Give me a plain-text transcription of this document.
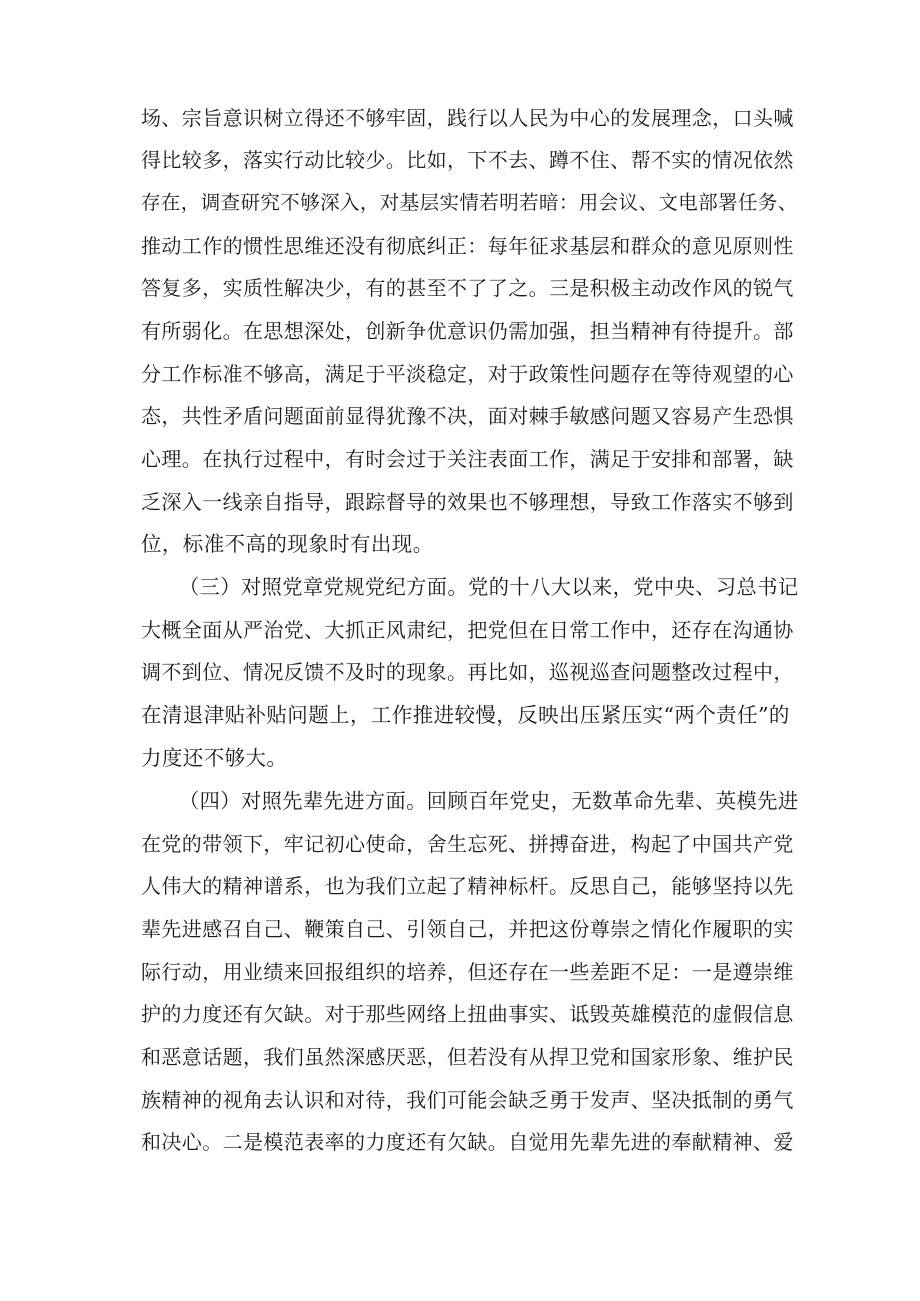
场、宗旨意识树立得还不够牢固，践行以人民为中心的发展理念，口头喊
得比较多，落实行动比较少。比如，下不去、蹲不住、帮不实的情况依然
存在，调查研究不够深入，对基层实情若明若暗：用会议、文电部署任务、
推动工作的惯性思维还没有彻底纠正：每年征求基层和群众的意见原则性
答复多，实质性解决少，有的甚至不了了之。三是积极主动改作风的锐气
有所弱化。在思想深处，创新争优意识仍需加强，担当精神有待提升。部
分工作标准不够高，满足于平淡稳定，对于政策性问题存在等待观望的心
态，共性矛盾问题面前显得犹豫不决，面对棘手敏感问题又容易产生恐惧
心理。在执行过程中，有时会过于关注表面工作，满足于安排和部署，缺
乏深入一线亲自指导，跟踪督导的效果也不够理想，导致工作落实不够到
位，标准不高的现象时有出现。
（三）对照党章党规党纪方面。党的十八大以来，党中央、习总书记
大概全面从严治党、大抓正风肃纪，把党但在日常工作中，还存在沟通协
调不到位、情况反馈不及时的现象。再比如，巡视巡查问题整改过程中，
在清退津贴补贴问题上，工作推进较慢，反映出压紧压实“两个责任”的
力度还不够大。
（四）对照先辈先进方面。回顾百年党史，无数革命先辈、英模先进
在党的带领下，牢记初心使命，舍生忘死、拼搏奋进，构起了中国共产党
人伟大的精神谱系，也为我们立起了精神标杆。反思自己，能够坚持以先
辈先进感召自己、鞭策自己、引领自己，并把这份尊崇之情化作履职的实
际行动，用业绩来回报组织的培养，但还存在一些差距不足：一是遵崇维
护的力度还有欠缺。对于那些网络上扭曲事实、诋毁英雄模范的虚假信息
和恶意话题，我们虽然深感厌恶，但若没有从捍卫党和国家形象、维护民
族精神的视角去认识和对待，我们可能会缺乏勇于发声、坚决抵制的勇气
和决心。二是模范表率的力度还有欠缺。自觉用先辈先进的奉献精神、爱
